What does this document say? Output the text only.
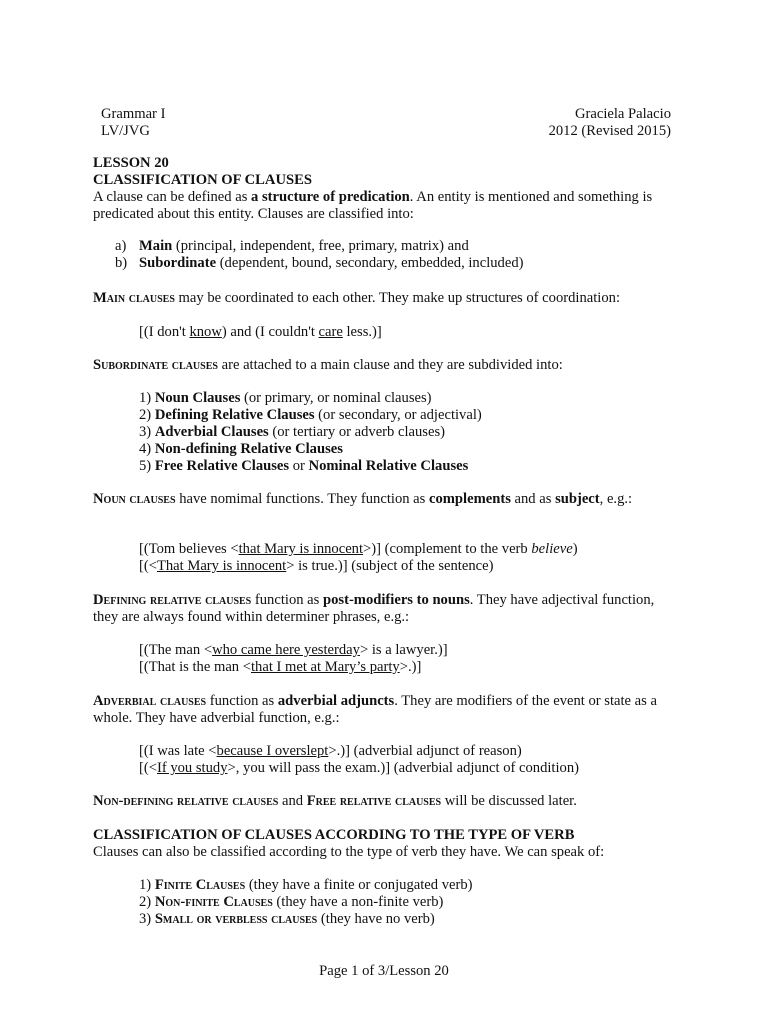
Grammar I
LV/JVG
Graciela Palacio
2012 (Revised 2015)
LESSON 20
CLASSIFICATION OF CLAUSES
A clause can be defined as a structure of predication. An entity is mentioned and something is predicated about this entity. Clauses are classified into:
a) Main (principal, independent, free, primary, matrix) and
b) Subordinate (dependent, bound, secondary, embedded, included)
Main clauses may be coordinated to each other. They make up structures of coordination:
[(I don't know) and (I couldn't care less.)]
Subordinate clauses are attached to a main clause and they are subdivided into:
1) Noun Clauses (or primary, or nominal clauses)
2) Defining Relative Clauses (or secondary, or adjectival)
3) Adverbial Clauses (or tertiary or adverb clauses)
4) Non-defining Relative Clauses
5) Free Relative Clauses or Nominal Relative Clauses
Noun clauses have nomimal functions. They function as complements and as subject, e.g.:
[(Tom believes <that Mary is innocent>)] (complement to the verb believe)
[(<That Mary is innocent> is true.)] (subject of the sentence)
Defining relative clauses function as post-modifiers to nouns. They have adjectival function, they are always found within determiner phrases, e.g.:
[(The man <who came here yesterday> is a lawyer.)]
[(That is the man <that I met at Mary’s party>.)]
Adverbial clauses function as adverbial adjuncts. They are modifiers of the event or state as a whole. They have adverbial function, e.g.:
[(I was late <because I overslept>.)] (adverbial adjunct of reason)
[(<If you study>, you will pass the exam.)] (adverbial adjunct of condition)
Non-defining relative clauses and Free relative clauses will be discussed later.
CLASSIFICATION OF CLAUSES ACCORDING TO THE TYPE OF VERB
Clauses can also be classified according to the type of verb they have. We can speak of:
1) Finite Clauses (they have a finite or conjugated verb)
2) Non-finite Clauses (they have a non-finite verb)
3) Small or verbless clauses (they have no verb)
Page 1 of 3/Lesson 20
